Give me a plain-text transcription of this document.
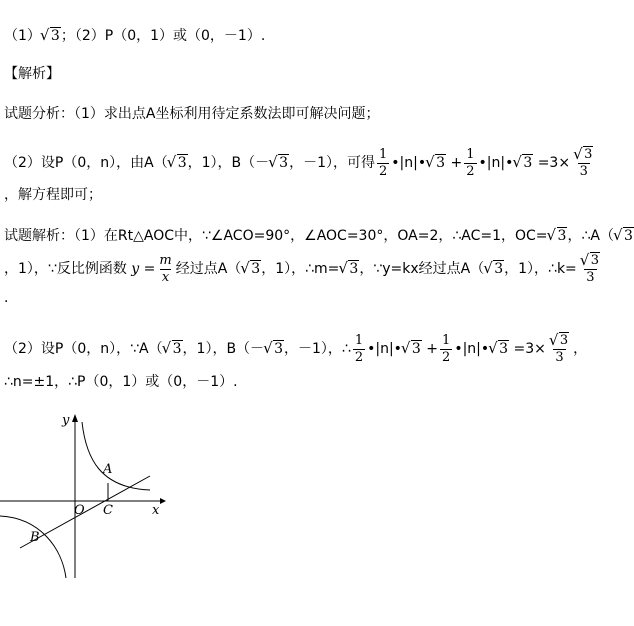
（1） √ 3；（2）P（0，1）或（0，－1）.
【解析】
试题分析：（1）求出点A坐标利用待定系数法即可解决问题；
（2）设P（0，n），由A（ √ 3，1），B（－ √ 3，－1），可得 $\frac{1}{2}$ •|n|• √ $3 + \frac{1}{2}$ •|n|• √ 3 =3× √ $\frac{3}{3}$
，解方程即可；
试题解析：（1）在Rt△AOC中，∵∠ACO=90°，∠AOC=30°，OA=2，∴AC=1，OC= √ 3，∴A（ √ 3
，1），∵反比例函数 $y = \frac{m}{x}$ 经过点A（ √ 3，1），∴m= √ 3，∵y=kx经过点A（ √ 3，1），∴k= √ $\frac{3}{3}$
.
（2）设P（0，n），∵A（ √ 3，1），B（－ √ 3，－1），∴ $\frac{1}{2}$ •|n|• √ $3 + \frac{1}{2}$ •|n|• √ 3 =3× √ $\frac{3}{3}$ ，
∴n=±1，∴P（0，1）或（0，－1）.
y
x
O C
A
B
